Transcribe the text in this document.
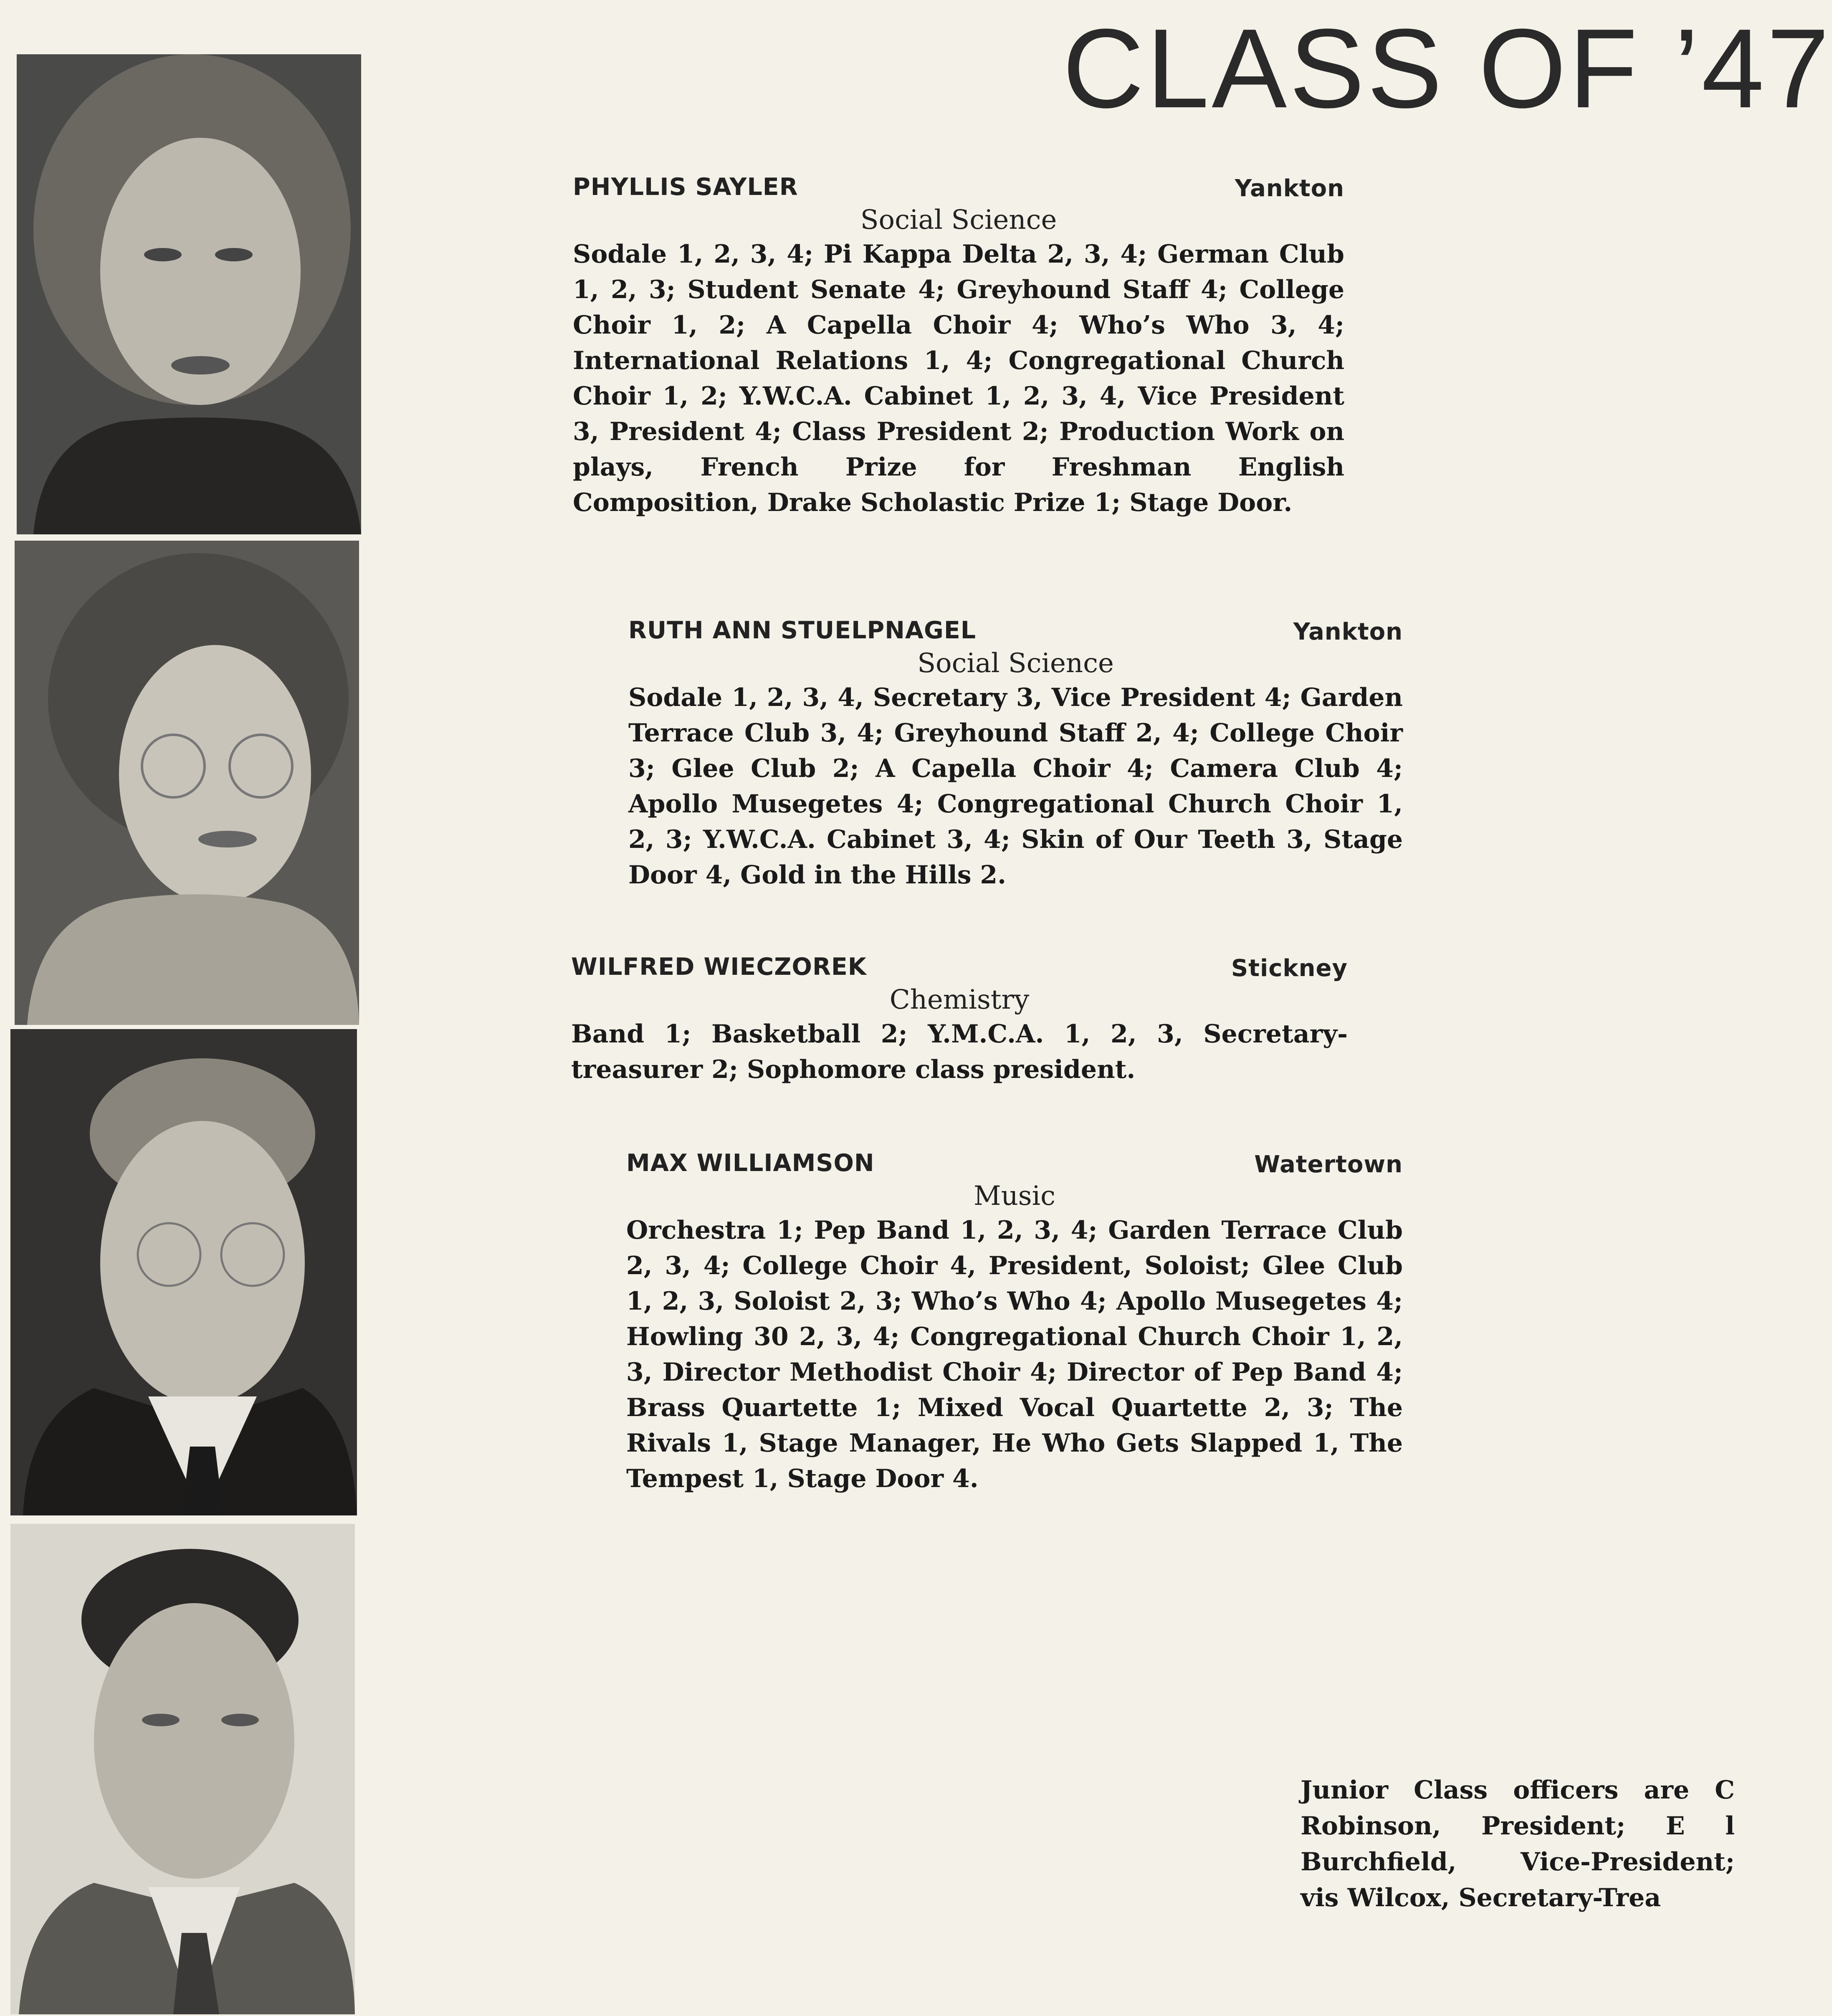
CLASS OF ’47
PHYLLIS SAYLER	Yankton
Social Science
Sodale 1, 2, 3, 4; Pi Kappa Delta 2, 3, 4; German Club 1, 2, 3; Student Senate 4; Greyhound Staff 4; College Choir 1, 2; A Capella Choir 4; Who’s Who 3, 4; International Relations 1, 4; Congregational Church Choir 1, 2; Y.W.C.A. Cabinet 1, 2, 3, 4, Vice President 3, President 4; Class President 2; Production Work on plays, French Prize for Freshman English Composition, Drake Scholastic Prize 1; Stage Door.
RUTH ANN STUELPNAGEL	Yankton
Social Science
Sodale 1, 2, 3, 4, Secretary 3, Vice President 4; Garden Terrace Club 3, 4; Greyhound Staff 2, 4; College Choir 3; Glee Club 2; A Capella Choir 4; Camera Club 4; Apollo Musegetes 4; Congregational Church Choir 1, 2, 3; Y.W.C.A. Cabinet 3, 4; Skin of Our Teeth 3, Stage Door 4, Gold in the Hills 2.
WILFRED WIECZOREK	Stickney
Chemistry
Band 1; Basketball 2; Y.M.C.A. 1, 2, 3, Secretary-treasurer 2; Sophomore class president.
MAX WILLIAMSON	Watertown
Music
Orchestra 1; Pep Band 1, 2, 3, 4; Garden Terrace Club 2, 3, 4; College Choir 4, President, Soloist; Glee Club 1, 2, 3, Soloist 2, 3; Who’s Who 4; Apollo Musegetes 4; Howling 30 2, 3, 4; Congregational Church Choir 1, 2, 3, Director Methodist Choir 4; Director of Pep Band 4; Brass Quartette 1; Mixed Vocal Quartette 2, 3; The Rivals 1, Stage Manager, He Who Gets Slapped 1, The Tempest 1, Stage Door 4.
Junior Class officers are C
Robinson, President; E l
Burchfield, Vice-President;
vis Wilcox, Secretary-Trea
